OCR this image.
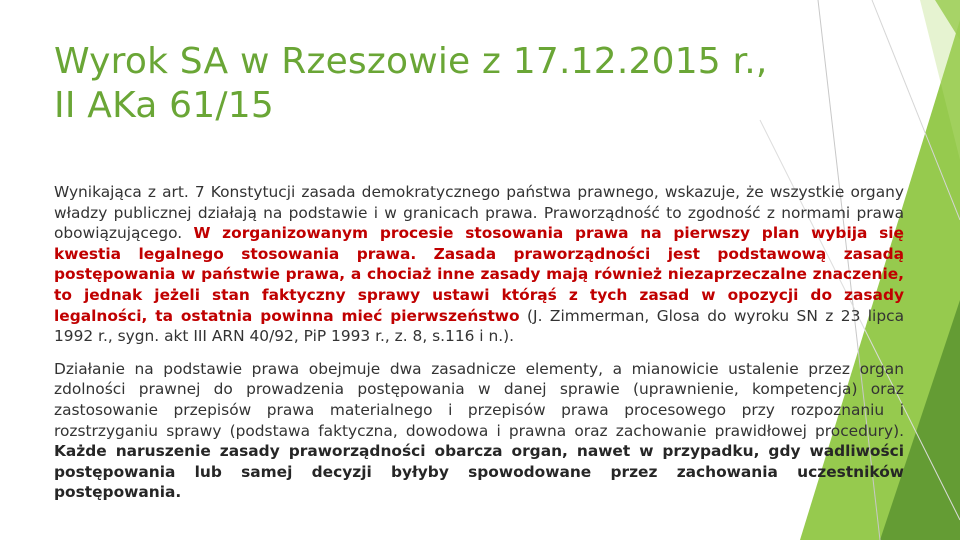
Wyrok SA w Rzeszowie z 17.12.2015 r., II AKa 61/15

Wynikająca z art. 7 Konstytucji zasada demokratycznego państwa prawnego, wskazuje, że wszystkie organy władzy publicznej działają na podstawie i w granicach prawa. Praworządność to zgodność z normami prawa obowiązującego. W zorganizowanym procesie stosowania prawa na pierwszy plan wybija się kwestia legalnego stosowania prawa. Zasada praworządności jest podstawową zasadą postępowania w państwie prawa, a chociaż inne zasady mają również niezaprzeczalne znaczenie, to jednak jeżeli stan faktyczny sprawy ustawi którąś z tych zasad w opozycji do zasady legalności, ta ostatnia powinna mieć pierwszeństwo (J. Zimmerman, Glosa do wyroku SN z 23 lipca 1992 r., sygn. akt III ARN 40/92, PiP 1993 r., z. 8, s.116 i n.).

Działanie na podstawie prawa obejmuje dwa zasadnicze elementy, a mianowicie ustalenie przez organ zdolności prawnej do prowadzenia postępowania w danej sprawie (uprawnienie, kompetencja) oraz zastosowanie przepisów prawa materialnego i przepisów prawa procesowego przy rozpoznaniu i rozstrzyganiu sprawy (podstawa faktyczna, dowodowa i prawna oraz zachowanie prawidłowej procedury). Każde naruszenie zasady praworządności obarcza organ, nawet w przypadku, gdy wadliwości postępowania lub samej decyzji byłyby spowodowane przez zachowania uczestników postępowania.
